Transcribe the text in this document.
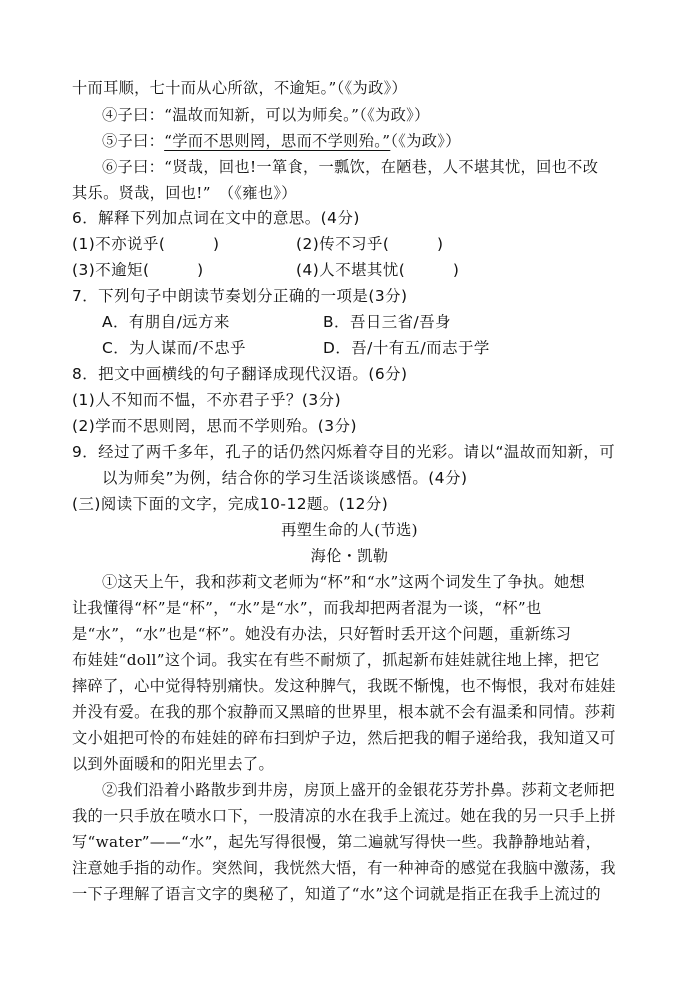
十而耳顺，七十而从心所欲，不逾矩。”（《为政》）
④子曰：“温故而知新，可以为师矣。”（《为政》）
⑤子曰：“学而不思则罔，思而不学则殆。”（《为政》）
⑥子曰：“贤哉，回也!一箪食，一瓢饮，在陋巷，人不堪其忧，回也不改
其乐。贤哉，回也!”　（《雍也》）
6．解释下列加点词在文中的意思。(4分)
(1)不亦说乎(　　　)	(2)传不习乎(　　　)
(3)不逾矩(　　　)	(4)人不堪其忧(　　　)
7．下列句子中朗读节奏划分正确的一项是(3分)
A．有朋自/远方来	B．吾日三省/吾身
C．为人谋而/不忠乎	D．吾/十有五/而志于学
8．把文中画横线的句子翻译成现代汉语。(6分)
(1)人不知而不愠，不亦君子乎？(3分)
(2)学而不思则罔，思而不学则殆。(3分)
9．经过了两千多年，孔子的话仍然闪烁着夺目的光彩。请以“温故而知新，可
以为师矣”为例，结合你的学习生活谈谈感悟。(4分)
(三)阅读下面的文字，完成10-12题。(12分)
再塑生命的人(节选)
海伦・凯勒
①这天上午，我和莎莉文老师为“杯”和“水”这两个词发生了争执。她想
让我懂得“杯”是“杯”，“水”是“水”，而我却把两者混为一谈，“杯”也
是“水”，“水”也是“杯”。她没有办法，只好暂时丢开这个问题，重新练习
布娃娃“doll”这个词。我实在有些不耐烦了，抓起新布娃娃就往地上摔，把它
摔碎了，心中觉得特别痛快。发这种脾气，我既不惭愧，也不悔恨，我对布娃娃
并没有爱。在我的那个寂静而又黑暗的世界里，根本就不会有温柔和同情。莎莉
文小姐把可怜的布娃娃的碎布扫到炉子边，然后把我的帽子递给我，我知道又可
以到外面暖和的阳光里去了。
②我们沿着小路散步到井房，房顶上盛开的金银花芬芳扑鼻。莎莉文老师把
我的一只手放在喷水口下，一股清凉的水在我手上流过。她在我的另一只手上拼
写“water”——“水”，起先写得很慢，第二遍就写得快一些。我静静地站着，
注意她手指的动作。突然间，我恍然大悟，有一种神奇的感觉在我脑中激荡，我
一下子理解了语言文字的奥秘了，知道了“水”这个词就是指正在我手上流过的
